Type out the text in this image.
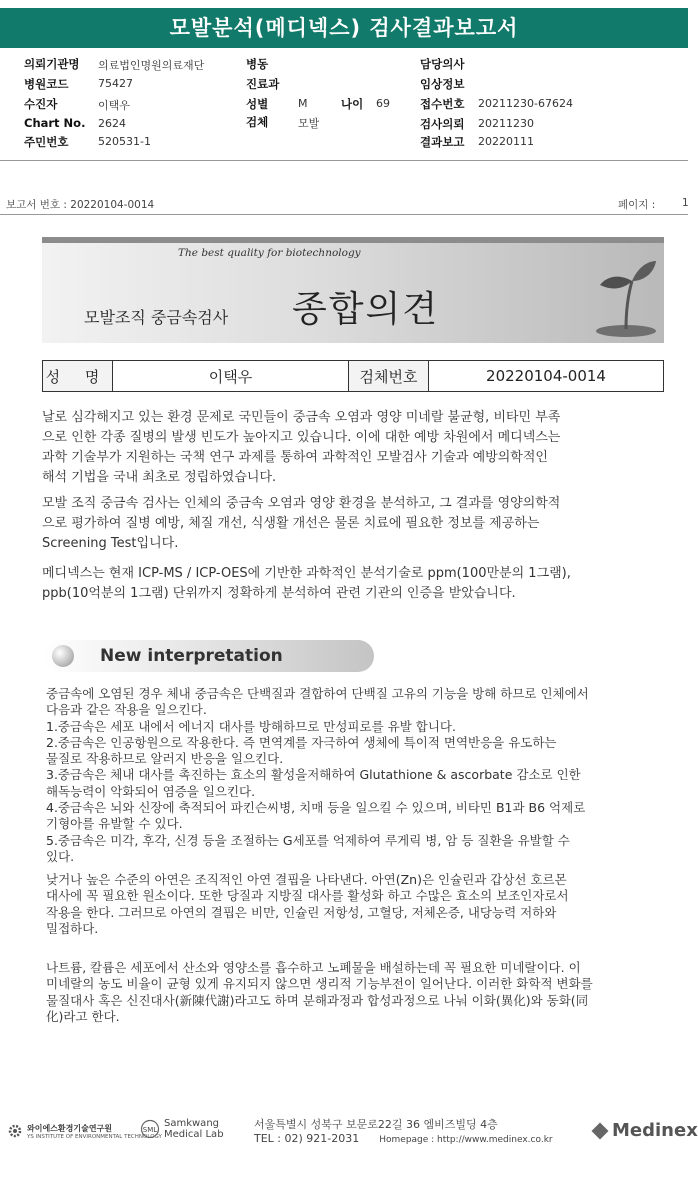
모발분석(메디넥스) 검사결과보고서
의뢰기관명 의료법인명원의료재단
병원코드	75427
수진자	이택우
Chart No. 2624
주민번호	520531-1
병동
진료과
성별	M	나이 69
검체	모발
담당의사
임상정보
접수번호 20211230-67624
검사의뢰 20211230
결과보고 20220111
보고서 번호 : 20220104-0014	페이지 :	1
The best quality for biotechnology
모발조직 중금속검사 종합의견
성 명	이택우	검체번호	20220104-0014

날로 심각해지고 있는 환경 문제로 국민들이 중금속 오염과 영양 미네랄 불균형, 비타민 부족
으로 인한 각종 질병의 발생 빈도가 높아지고 있습니다. 이에 대한 예방 차원에서 메디넥스는
과학 기술부가 지원하는 국책 연구 과제를 통하여 과학적인 모발검사 기술과 예방의학적인
해석 기법을 국내 최초로 정립하였습니다.

모발 조직 중금속 검사는 인체의 중금속 오염과 영양 환경을 분석하고, 그 결과를 영양의학적
으로 평가하여 질병 예방, 체질 개선, 식생활 개선은 물론 치료에 필요한 정보를 제공하는
Screening Test입니다.

메디넥스는 현재 ICP-MS / ICP-OES에 기반한 과학적인 분석기술로 ppm(100만분의 1그램),
ppb(10억분의 1그램) 단위까지 정확하게 분석하여 관련 기관의 인증을 받았습니다.

New interpretation

중금속에 오염된 경우 체내 중금속은 단백질과 결합하여 단백질 고유의 기능을 방해 하므로 인체에서
다음과 같은 작용을 일으킨다.
1.중금속은 세포 내에서 에너지 대사를 방해하므로 만성피로를 유발 합니다.
2.중금속은 인공항원으로 작용한다. 즉 면역계를 자극하여 생체에 특이적 면역반응을 유도하는
물질로 작용하므로 알러지 반응을 일으킨다.
3.중금속은 체내 대사를 촉진하는 효소의 활성을저해하여 Glutathione & ascorbate 감소로 인한
해독능력이 악화되어 염증을 일으킨다.
4.중금속은 뇌와 신장에 축적되어 파킨슨씨병, 치매 등을 일으킬 수 있으며, 비타민 B1과 B6 억제로
기형아를 유발할 수 있다.
5.중금속은 미각, 후각, 신경 등을 조절하는 G세포를 억제하여 루게릭 병, 암 등 질환을 유발할 수
있다.

낮거나 높은 수준의 아연은 조직적인 아연 결핍을 나타낸다. 아연(Zn)은 인슐린과 갑상선 호르몬
대사에 꼭 필요한 원소이다. 또한 당질과 지방질 대사를 활성화 하고 수많은 효소의 보조인자로서
작용을 한다. 그러므로 아연의 결핍은 비만, 인슐린 저항성, 고혈당, 저체온증, 내당능력 저하와
밀접하다.

나트륨, 칼륨은 세포에서 산소와 영양소를 흡수하고 노폐물을 배설하는데 꼭 필요한 미네랄이다. 이
미네랄의 농도 비율이 균형 있게 유지되지 않으면 생리적 기능부전이 일어난다. 이러한 화학적 변화를
물질대사 혹은 신진대사(新陳代謝)라고도 하며 분해과정과 합성과정으로 나눠 이화(異化)와 동화(同
化)라고 한다.

와이에스환경기술연구원
YS INSTITUTE OF ENVIRONMENTAL TECHNOLOGY
SML
Samkwang
Medical Lab
서울특별시 성북구 보문로22길 36 엠비즈빌딩 4층
TEL : 02) 921-2031 Homepage : http://www.medinex.co.kr	Medinex
